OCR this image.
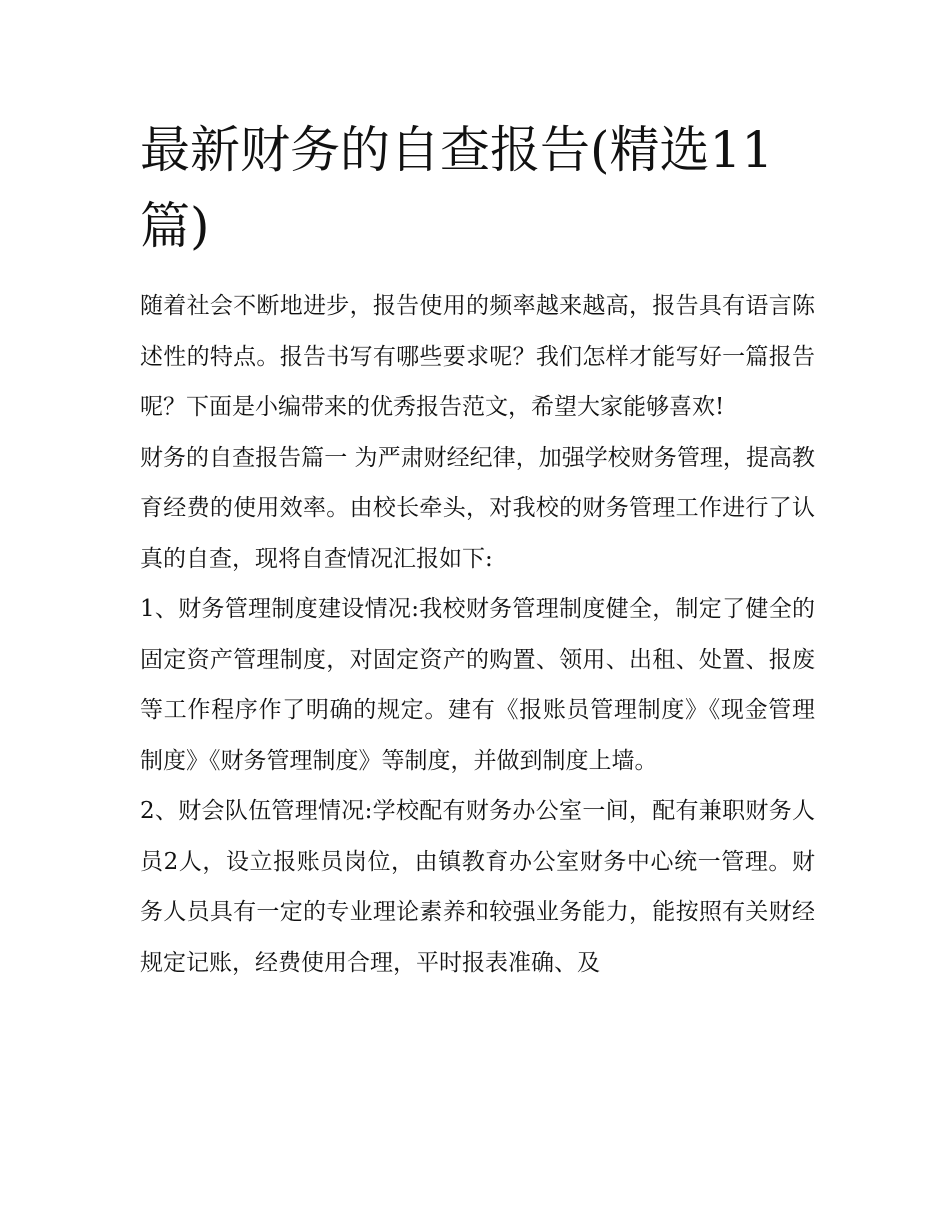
最新财务的自查报告(精选11篇)

随着社会不断地进步，报告使用的频率越来越高，报告具有语言陈述性的特点。报告书写有哪些要求呢？我们怎样才能写好一篇报告呢？下面是小编带来的优秀报告范文，希望大家能够喜欢!

财务的自查报告篇一 为严肃财经纪律，加强学校财务管理，提高教育经费的使用效率。由校长牵头，对我校的财务管理工作进行了认真的自查，现将自查情况汇报如下:

1、财务管理制度建设情况:我校财务管理制度健全，制定了健全的固定资产管理制度，对固定资产的购置、领用、出租、处置、报废等工作程序作了明确的规定。建有《报账员管理制度》《现金管理制度》《财务管理制度》等制度，并做到制度上墙。

2、财会队伍管理情况:学校配有财务办公室一间，配有兼职财务人员2人，设立报账员岗位，由镇教育办公室财务中心统一管理。财务人员具有一定的专业理论素养和较强业务能力，能按照有关财经规定记账，经费使用合理，平时报表准确、及
